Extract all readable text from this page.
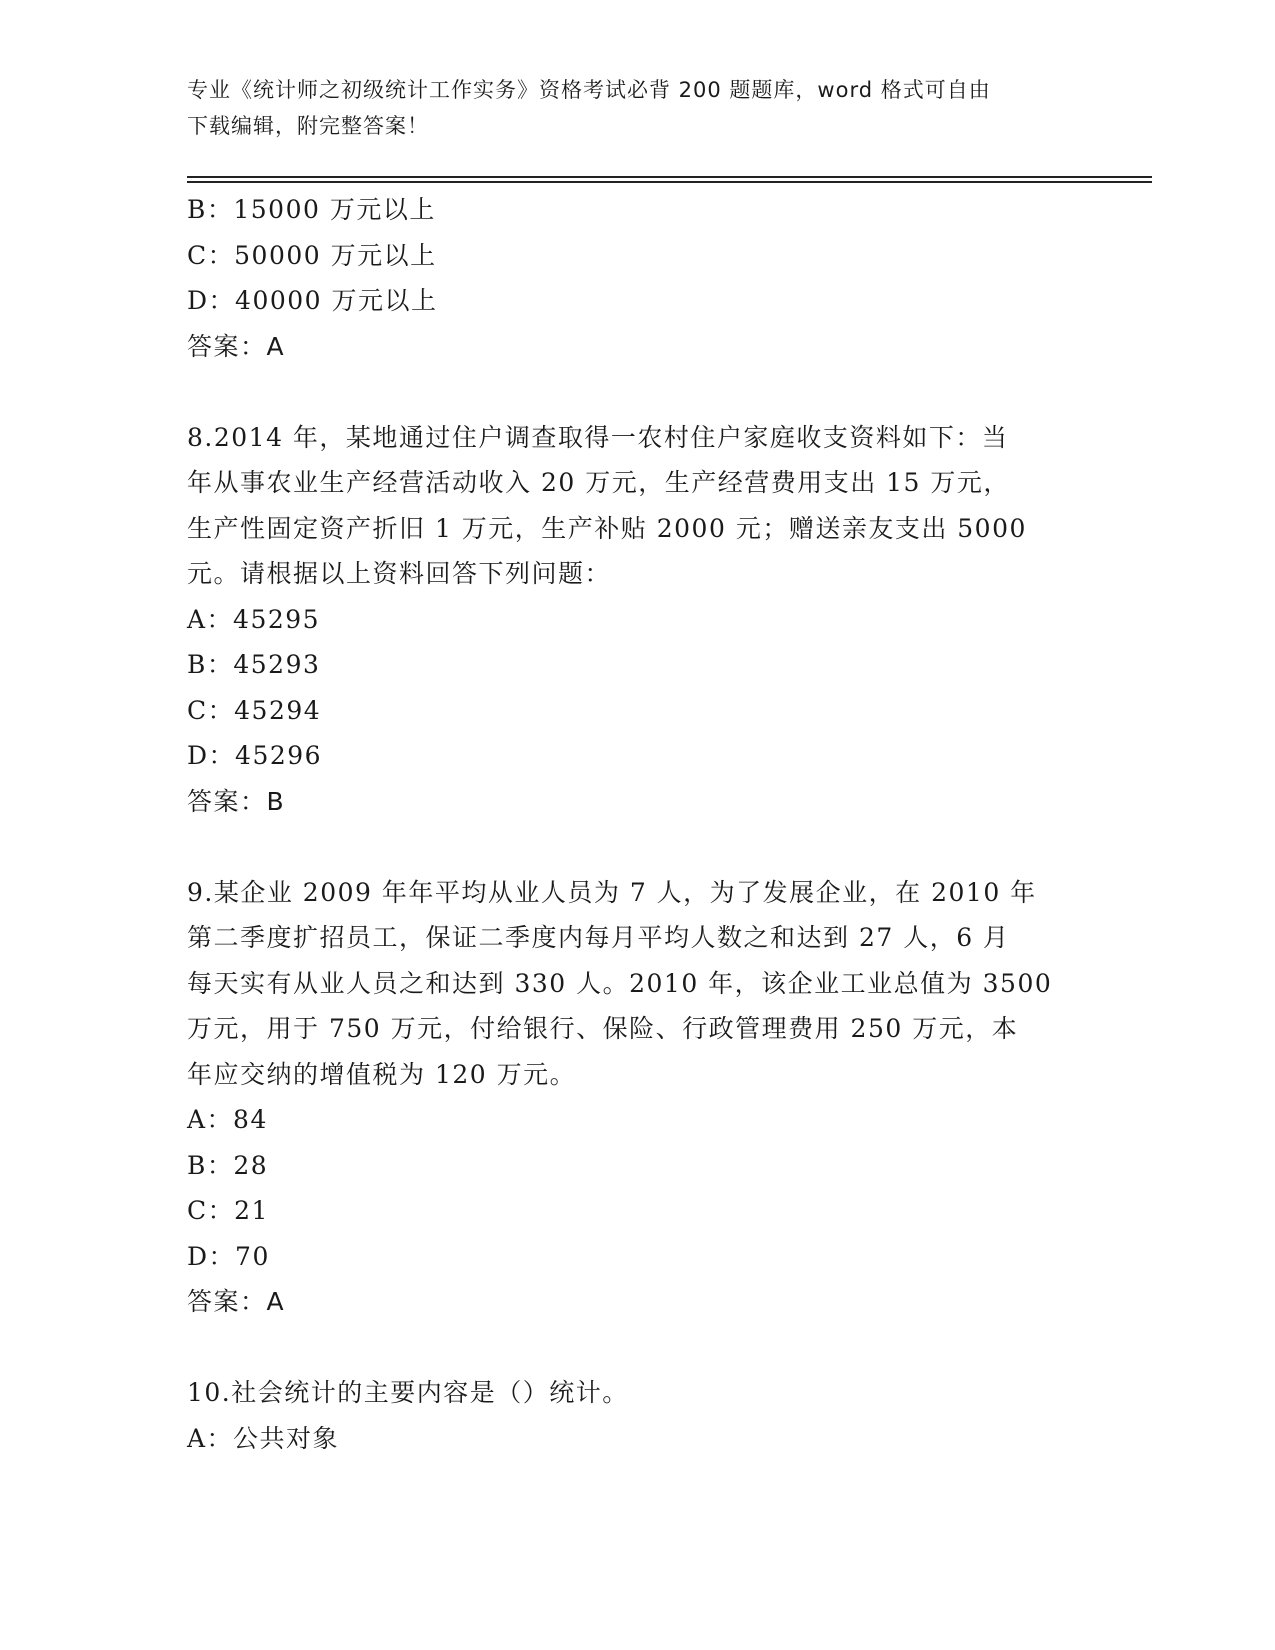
专业《统计师之初级统计工作实务》资格考试必背 200 题题库，word 格式可自由
下载编辑，附完整答案！
B：15000 万元以上
C：50000 万元以上
D：40000 万元以上
答案：A
8.2014 年，某地通过住户调查取得一农村住户家庭收支资料如下：当
年从事农业生产经营活动收入 20 万元，生产经营费用支出 15 万元，
生产性固定资产折旧 1 万元，生产补贴 2000 元；赠送亲友支出 5000
元。请根据以上资料回答下列问题：
A：45295
B：45293
C：45294
D：45296
答案：B
9.某企业 2009 年年平均从业人员为 7 人，为了发展企业，在 2010 年
第二季度扩招员工，保证二季度内每月平均人数之和达到 27 人，6 月
每天实有从业人员之和达到 330 人。2010 年，该企业工业总值为 3500
万元，用于 750 万元，付给银行、保险、行政管理费用 250 万元，本
年应交纳的增值税为 120 万元。
A：84
B：28
C：21
D：70
答案：A
10.社会统计的主要内容是（）统计。
A：公共对象
